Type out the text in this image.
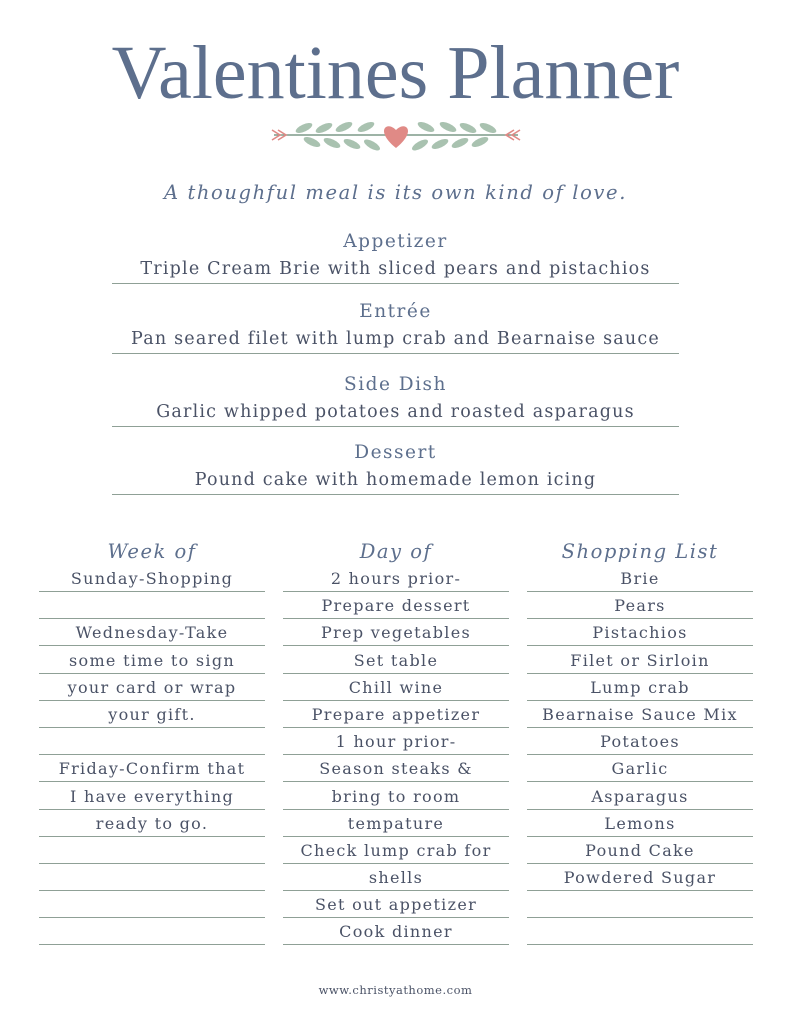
Valentines Planner
A thoughful meal is its own kind of love.
Appetizer
Triple Cream Brie with sliced pears and pistachios
Entrée
Pan seared filet with lump crab and Bearnaise sauce
Side Dish
Garlic whipped potatoes and roasted asparagus
Dessert
Pound cake with homemade lemon icing
Week of
Sunday-Shopping
Wednesday-Take
some time to sign
your card or wrap
your gift.
Friday-Confirm that
I have everything
ready to go.
Day of
2 hours prior-
Prepare dessert
Prep vegetables
Set table
Chill wine
Prepare appetizer
1 hour prior-
Season steaks &
bring to room
tempature
Check lump crab for
shells
Set out appetizer
Cook dinner
Shopping List
Brie
Pears
Pistachios
Filet or Sirloin
Lump crab
Bearnaise Sauce Mix
Potatoes
Garlic
Asparagus
Lemons
Pound Cake
Powdered Sugar
www.christyathome.com
